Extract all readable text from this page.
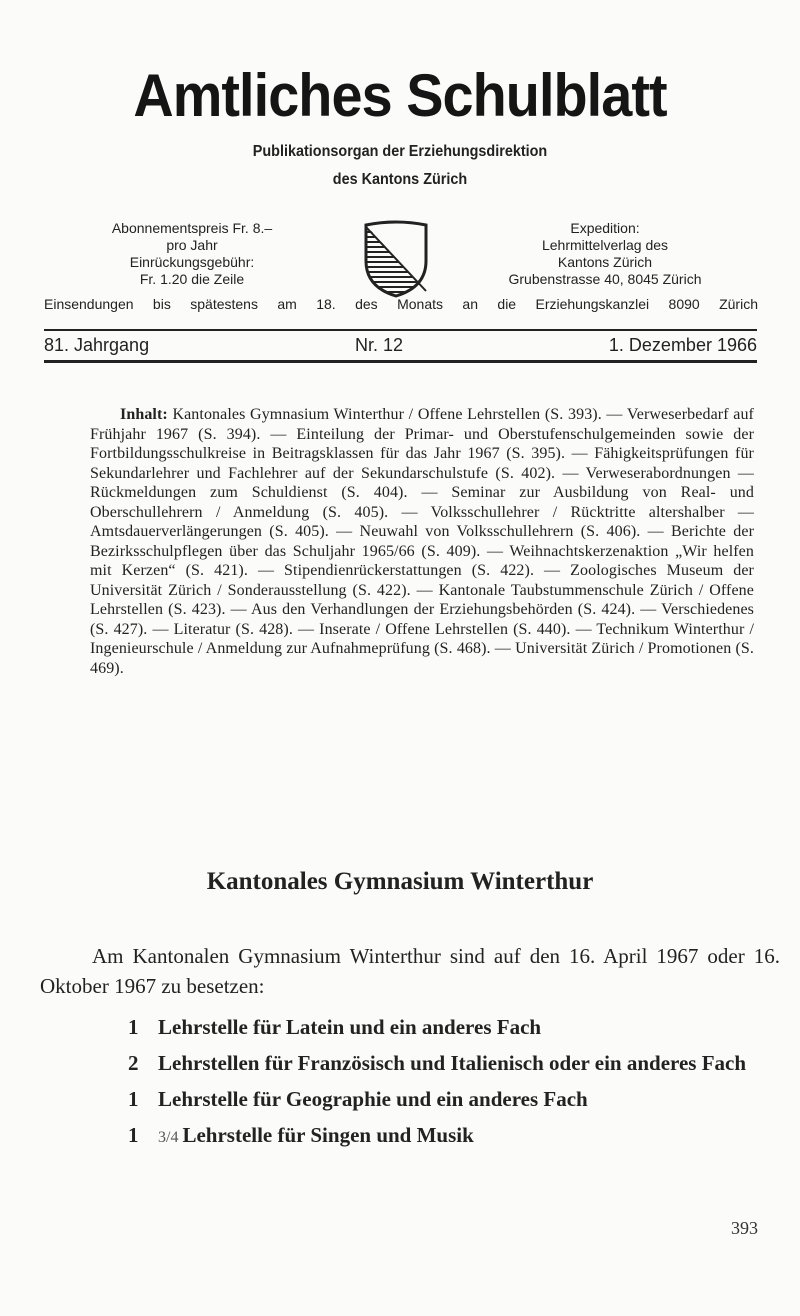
Amtliches Schulblatt
Publikationsorgan der Erziehungsdirektion
des Kantons Zürich
Abonnementspreis Fr. 8.–
pro Jahr
Einrückungsgebühr:
Fr. 1.20 die Zeile
Expedition:
Lehrmittelverlag des
Kantons Zürich
Grubenstrasse 40, 8045 Zürich
Einsendungen bis spätestens am 18. des Monats an die Erziehungskanzlei 8090 Zürich
81. Jahrgang	Nr. 12	1. Dezember 1966
Inhalt: Kantonales Gymnasium Winterthur / Offene Lehrstellen (S. 393). — Verweserbedarf auf Frühjahr 1967 (S. 394). — Einteilung der Primar- und Oberstufenschulgemeinden sowie der Fortbildungsschulkreise in Beitragsklassen für das Jahr 1967 (S. 395). — Fähigkeitsprüfungen für Sekundarlehrer und Fachlehrer auf der Sekundarschulstufe (S. 402). — Verweserabordnungen — Rückmeldungen zum Schuldienst (S. 404). — Seminar zur Ausbildung von Real- und Oberschullehrern / Anmeldung (S. 405). — Volksschullehrer / Rücktritte altershalber — Amtsdauerverlängerungen (S. 405). — Neuwahl von Volksschullehrern (S. 406). — Berichte der Bezirksschulpflegen über das Schuljahr 1965/66 (S. 409). — Weihnachtskerzenaktion „Wir helfen mit Kerzen“ (S. 421). — Stipendienrückerstattungen (S. 422). — Zoologisches Museum der Universität Zürich / Sonderausstellung (S. 422). — Kantonale Taubstummenschule Zürich / Offene Lehrstellen (S. 423). — Aus den Verhandlungen der Erziehungsbehörden (S. 424). — Verschiedenes (S. 427). — Literatur (S. 428). — Inserate / Offene Lehrstellen (S. 440). — Technikum Winterthur / Ingenieurschule / Anmeldung zur Aufnahmeprüfung (S. 468). — Universität Zürich / Promotionen (S. 469).
Kantonales Gymnasium Winterthur
Am Kantonalen Gymnasium Winterthur sind auf den 16. April 1967 oder 16. Oktober 1967 zu besetzen:
1 Lehrstelle für Latein und ein anderes Fach
2 Lehrstellen für Französisch und Italienisch oder ein anderes Fach
1 Lehrstelle für Geographie und ein anderes Fach
1	3/4 Lehrstelle für Singen und Musik
393
